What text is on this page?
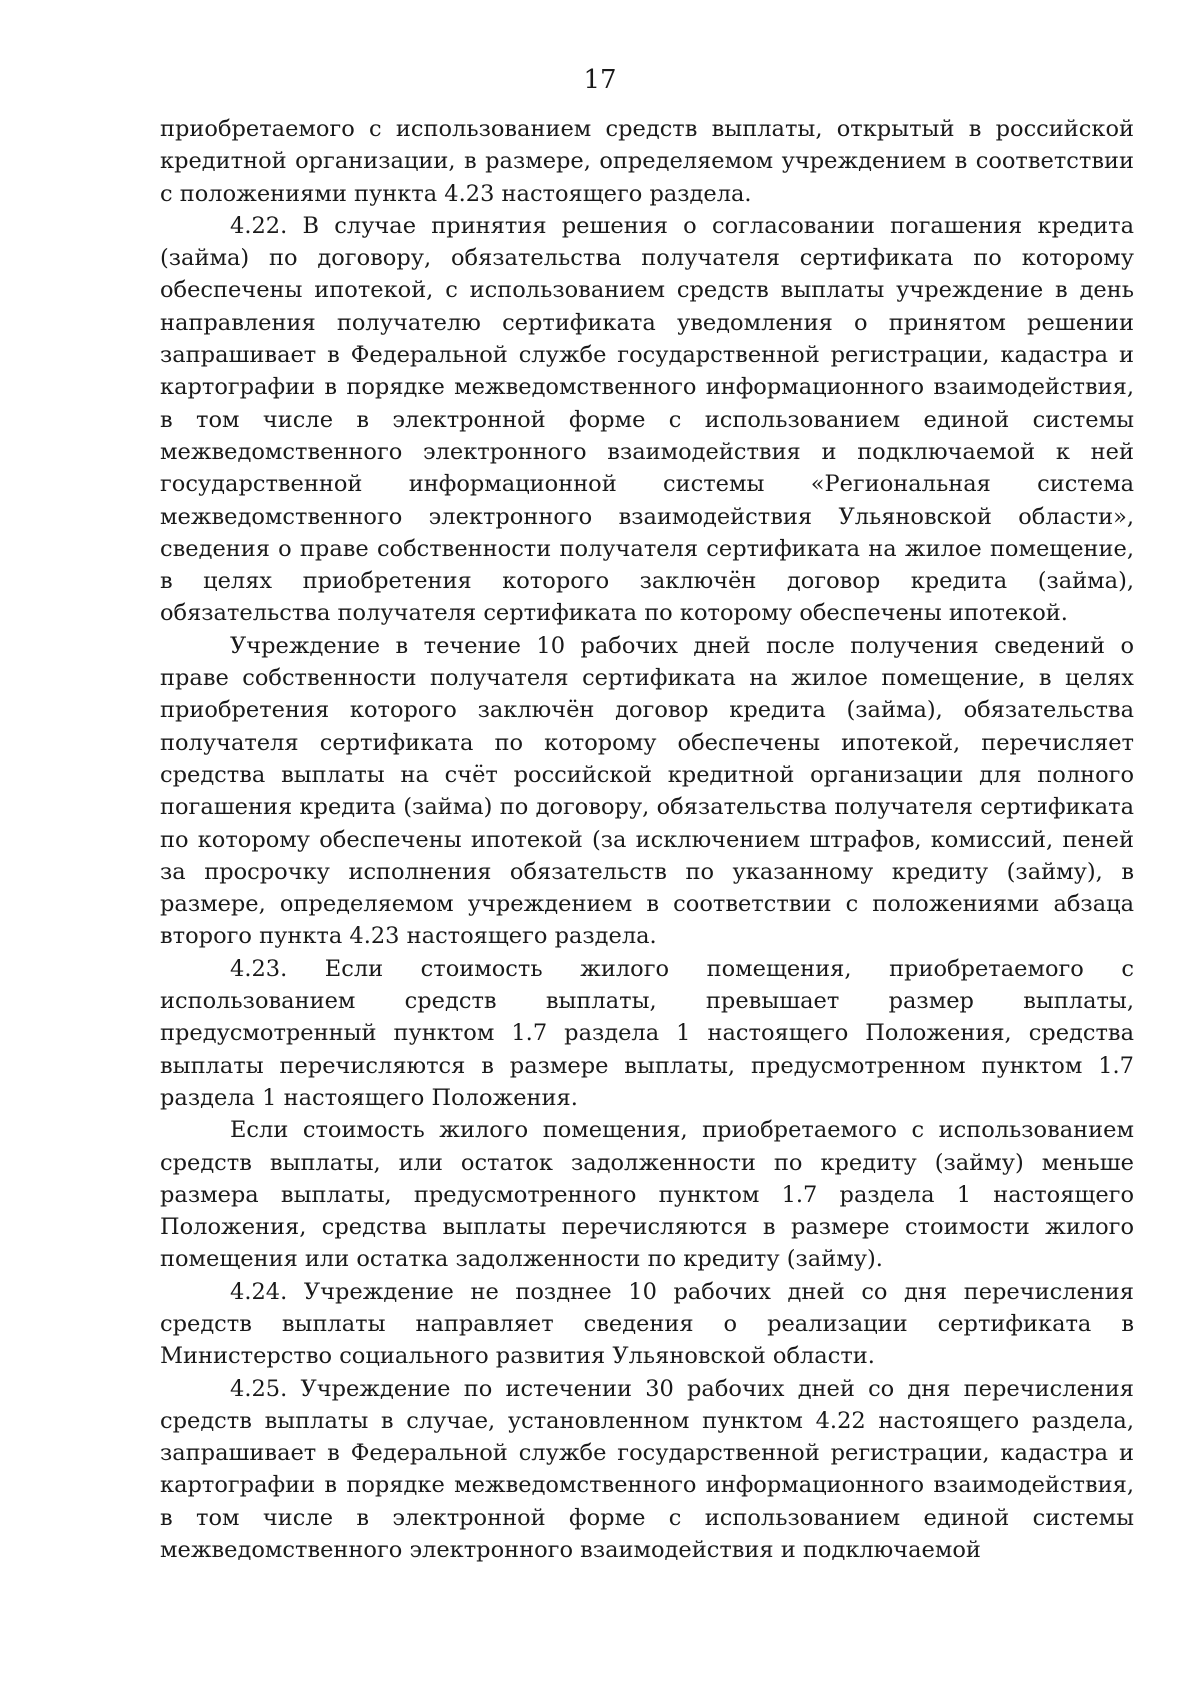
17

приобретаемого с использованием средств выплаты, открытый в российской кредитной организации, в размере, определяемом учреждением в соответствии с положениями пункта 4.23 настоящего раздела.

4.22. В случае принятия решения о согласовании погашения кредита (займа) по договору, обязательства получателя сертификата по которому обеспечены ипотекой, с использованием средств выплаты учреждение в день направления получателю сертификата уведомления о принятом решении запрашивает в Федеральной службе государственной регистрации, кадастра и картографии в порядке межведомственного информационного взаимодействия, в том числе в электронной форме с использованием единой системы межведомственного электронного взаимодействия и подключаемой к ней государственной информационной системы «Региональная система межведомственного электронного взаимодействия Ульяновской области», сведения о праве собственности получателя сертификата на жилое помещение, в целях приобретения которого заключён договор кредита (займа), обязательства получателя сертификата по которому обеспечены ипотекой.

Учреждение в течение 10 рабочих дней после получения сведений о праве собственности получателя сертификата на жилое помещение, в целях приобретения которого заключён договор кредита (займа), обязательства получателя сертификата по которому обеспечены ипотекой, перечисляет средства выплаты на счёт российской кредитной организации для полного погашения кредита (займа) по договору, обязательства получателя сертификата по которому обеспечены ипотекой (за исключением штрафов, комиссий, пеней за просрочку исполнения обязательств по указанному кредиту (займу), в размере, определяемом учреждением в соответствии с положениями абзаца второго пункта 4.23 настоящего раздела.

4.23. Если стоимость жилого помещения, приобретаемого с использованием средств выплаты, превышает размер выплаты, предусмотренный пунктом 1.7 раздела 1 настоящего Положения, средства выплаты перечисляются в размере выплаты, предусмотренном пунктом 1.7 раздела 1 настоящего Положения.

Если стоимость жилого помещения, приобретаемого с использованием средств выплаты, или остаток задолженности по кредиту (займу) меньше размера выплаты, предусмотренного пунктом 1.7 раздела 1 настоящего Положения, средства выплаты перечисляются в размере стоимости жилого помещения или остатка задолженности по кредиту (займу).

4.24. Учреждение не позднее 10 рабочих дней со дня перечисления средств выплаты направляет сведения о реализации сертификата в Министерство социального развития Ульяновской области.

4.25. Учреждение по истечении 30 рабочих дней со дня перечисления средств выплаты в случае, установленном пунктом 4.22 настоящего раздела, запрашивает в Федеральной службе государственной регистрации, кадастра и картографии в порядке межведомственного информационного взаимодействия, в том числе в электронной форме с использованием единой системы межведомственного электронного взаимодействия и подключаемой
